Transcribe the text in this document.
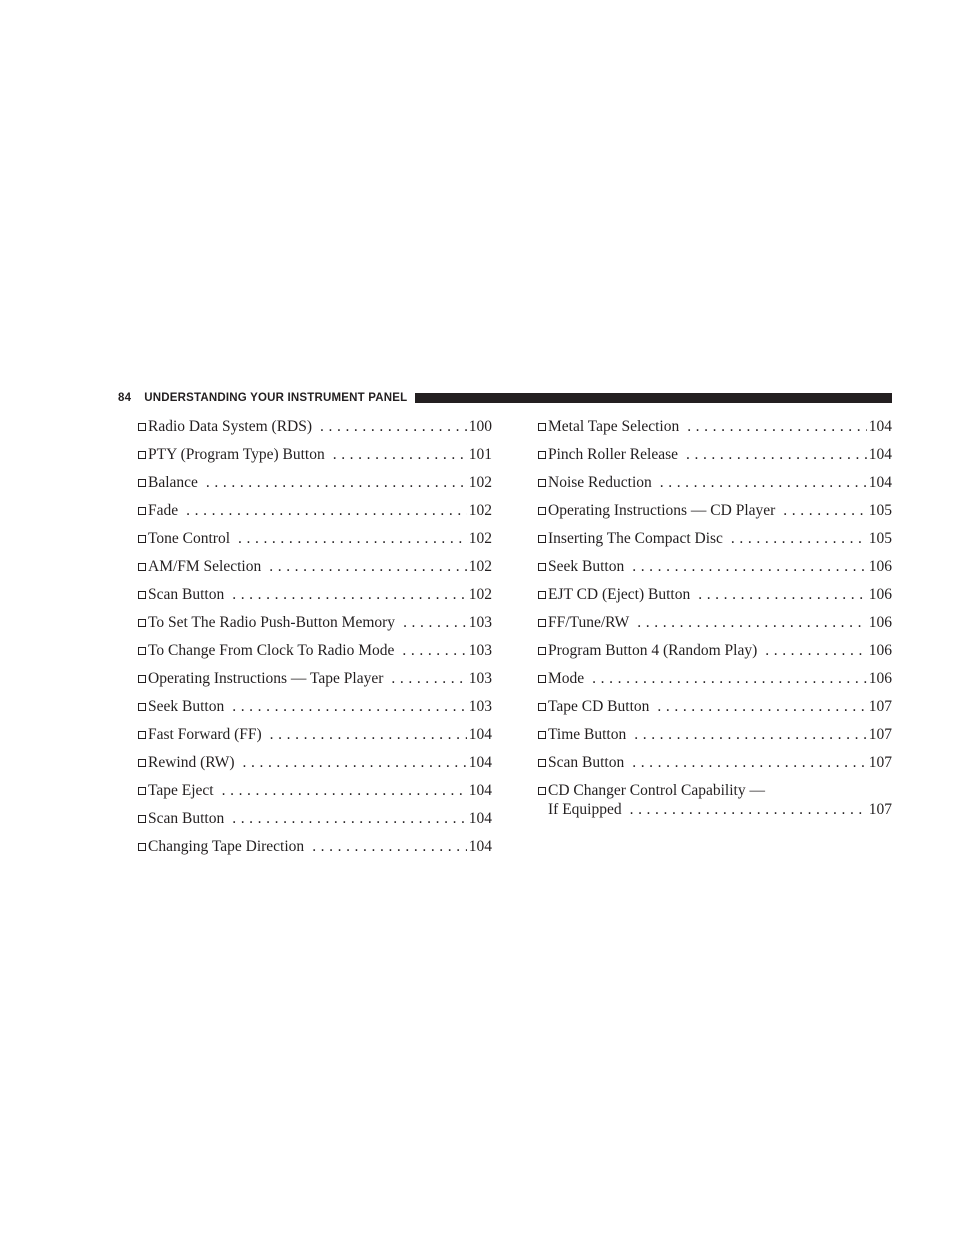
84 UNDERSTANDING YOUR INSTRUMENT PANEL
Radio Data System (RDS) .....	100
PTY (Program Type) Button .....	101
Balance .....	102
Fade .....	102
Tone Control .....	102
AM/FM Selection .....	102
Scan Button .....	102
To Set The Radio Push-Button Memory .....	103
To Change From Clock To Radio Mode .....	103
Operating Instructions — Tape Player .....	103
Seek Button .....	103
Fast Forward (FF) .....	104
Rewind (RW) .....	104
Tape Eject .....	104
Scan Button .....	104
Changing Tape Direction .....	104
Metal Tape Selection .....	104
Pinch Roller Release .....	104
Noise Reduction .....	104
Operating Instructions — CD Player .....	105
Inserting The Compact Disc .....	105
Seek Button .....	106
EJT CD (Eject) Button .....	106
FF/Tune/RW .....	106
Program Button 4 (Random Play) .....	106
Mode .....	106
Tape CD Button .....	107
Time Button .....	107
Scan Button .....	107
CD Changer Control Capability —
If Equipped .....	107
